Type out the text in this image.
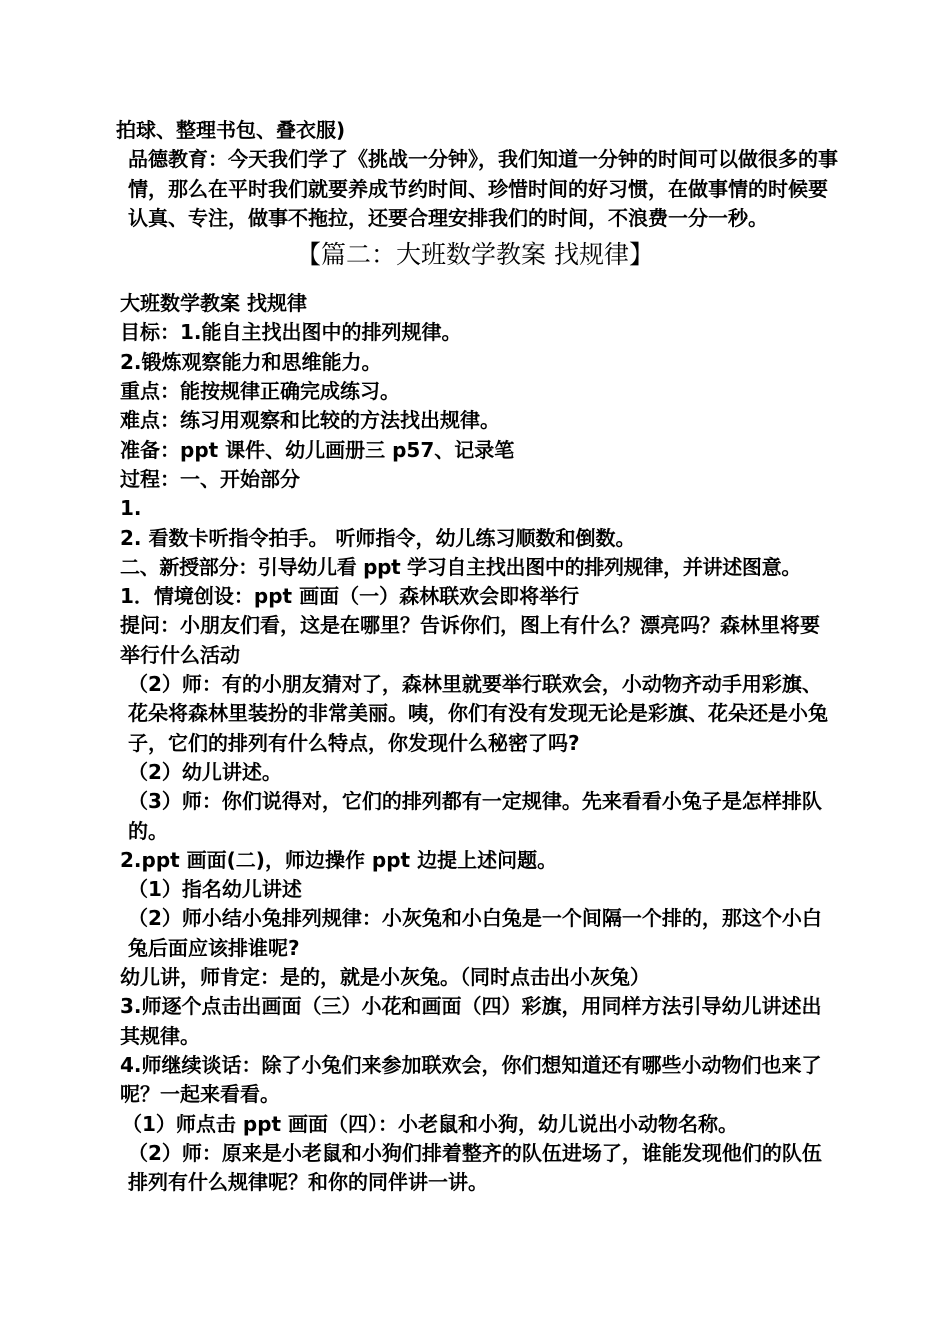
拍球、整理书包、叠衣服)

品德教育：今天我们学了《挑战一分钟》，我们知道一分钟的时间可以做很多的事情，那么在平时我们就要养成节约时间、珍惜时间的好习惯，在做事情的时候要认真、专注，做事不拖拉，还要合理安排我们的时间，不浪费一分一秒。

【篇二：大班数学教案 找规律】

大班数学教案 找规律

目标：1.能自主找出图中的排列规律。

2.锻炼观察能力和思维能力。

重点：能按规律正确完成练习。

难点：练习用观察和比较的方法找出规律。

准备：ppt 课件、幼儿画册三 p57、记录笔

过程：一、开始部分

1.

2. 看数卡听指令拍手。 听师指令，幼儿练习顺数和倒数。

二、新授部分：引导幼儿看 ppt 学习自主找出图中的排列规律，并讲述图意。

1．情境创设：ppt 画面（一）森林联欢会即将举行

提问：小朋友们看，这是在哪里？告诉你们，图上有什么？漂亮吗？森林里将要举行什么活动

（2）师：有的小朋友猜对了，森林里就要举行联欢会，小动物齐动手用彩旗、花朵将森林里装扮的非常美丽。咦，你们有没有发现无论是彩旗、花朵还是小兔子，它们的排列有什么特点，你发现什么秘密了吗?

（2）幼儿讲述。

（3）师：你们说得对，它们的排列都有一定规律。先来看看小兔子是怎样排队的。

2.ppt 画面(二)，师边操作 ppt 边提上述问题。

（1）指名幼儿讲述

（2）师小结小兔排列规律：小灰兔和小白兔是一个间隔一个排的，那这个小白兔后面应该排谁呢?

幼儿讲，师肯定：是的，就是小灰兔。（同时点击出小灰兔）

3.师逐个点击出画面（三）小花和画面（四）彩旗，用同样方法引导幼儿讲述出其规律。

4.师继续谈话：除了小兔们来参加联欢会，你们想知道还有哪些小动物们也来了呢？一起来看看。

（1）师点击 ppt 画面（四）：小老鼠和小狗，幼儿说出小动物名称。

（2）师：原来是小老鼠和小狗们排着整齐的队伍进场了，谁能发现他们的队伍排列有什么规律呢？和你的同伴讲一讲。
